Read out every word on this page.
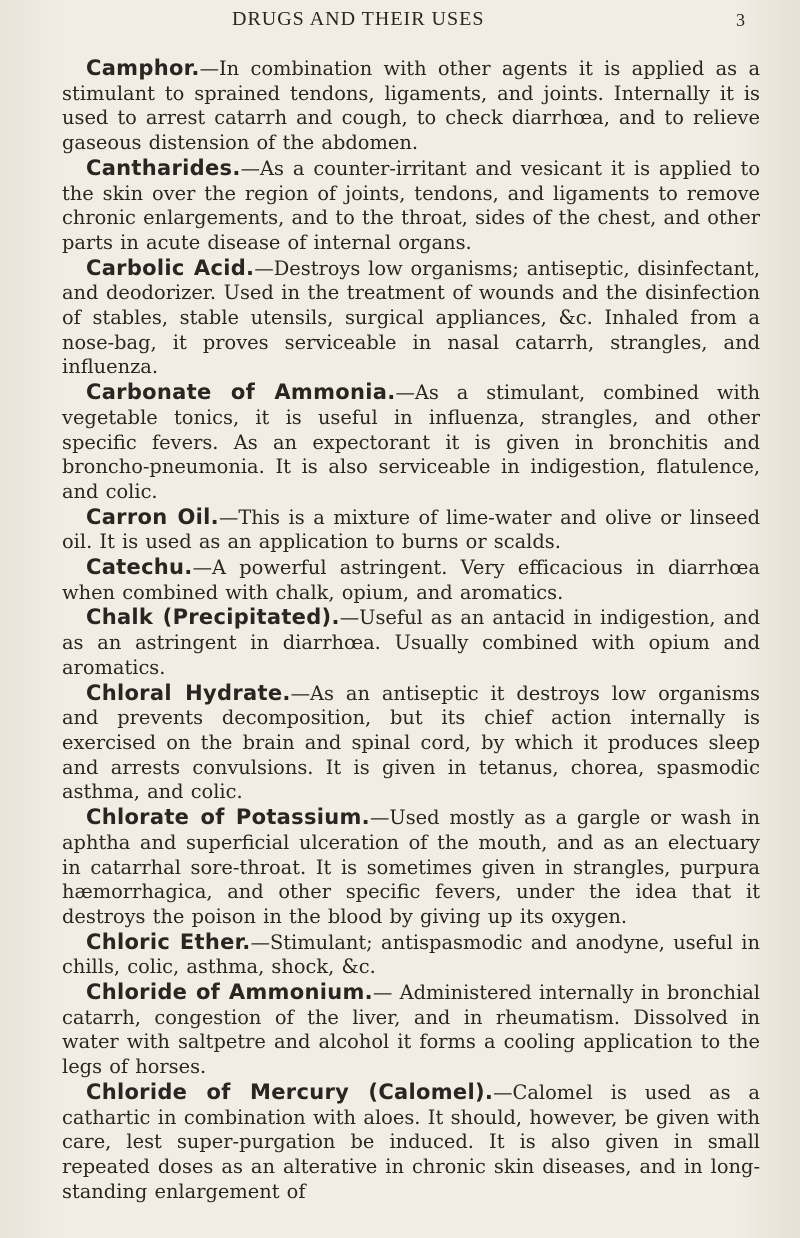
DRUGS AND THEIR USES	3

Camphor.—In combination with other agents it is applied as a stimulant to sprained tendons, ligaments, and joints. Internally it is used to arrest catarrh and cough, to check diarrhœa, and to relieve gaseous distension of the abdomen.

Cantharides.—As a counter-irritant and vesicant it is applied to the skin over the region of joints, tendons, and ligaments to remove chronic enlargements, and to the throat, sides of the chest, and other parts in acute disease of internal organs.

Carbolic Acid.—Destroys low organisms; antiseptic, disinfectant, and deodorizer. Used in the treatment of wounds and the disinfection of stables, stable utensils, surgical appliances, &c. Inhaled from a nose-bag, it proves serviceable in nasal catarrh, strangles, and influenza.

Carbonate of Ammonia.—As a stimulant, combined with vegetable tonics, it is useful in influenza, strangles, and other specific fevers. As an expectorant it is given in bronchitis and broncho-pneumonia. It is also serviceable in indigestion, flatulence, and colic.

Carron Oil.—This is a mixture of lime-water and olive or linseed oil. It is used as an application to burns or scalds.

Catechu.—A powerful astringent. Very efficacious in diarrhœa when combined with chalk, opium, and aromatics.

Chalk (Precipitated).—Useful as an antacid in indigestion, and as an astringent in diarrhœa. Usually combined with opium and aromatics.

Chloral Hydrate.—As an antiseptic it destroys low organisms and prevents decomposition, but its chief action internally is exercised on the brain and spinal cord, by which it produces sleep and arrests convulsions. It is given in tetanus, chorea, spasmodic asthma, and colic.

Chlorate of Potassium.—Used mostly as a gargle or wash in aphtha and superficial ulceration of the mouth, and as an electuary in catarrhal sore-throat. It is sometimes given in strangles, purpura hæmorrhagica, and other specific fevers, under the idea that it destroys the poison in the blood by giving up its oxygen.

Chloric Ether.—Stimulant; antispasmodic and anodyne, useful in chills, colic, asthma, shock, &c.

Chloride of Ammonium.— Administered internally in bronchial catarrh, congestion of the liver, and in rheumatism. Dissolved in water with saltpetre and alcohol it forms a cooling application to the legs of horses.

Chloride of Mercury (Calomel).—Calomel is used as a cathartic in combination with aloes. It should, however, be given with care, lest super-purgation be induced. It is also given in small repeated doses as an alterative in chronic skin diseases, and in long-standing enlargement of
